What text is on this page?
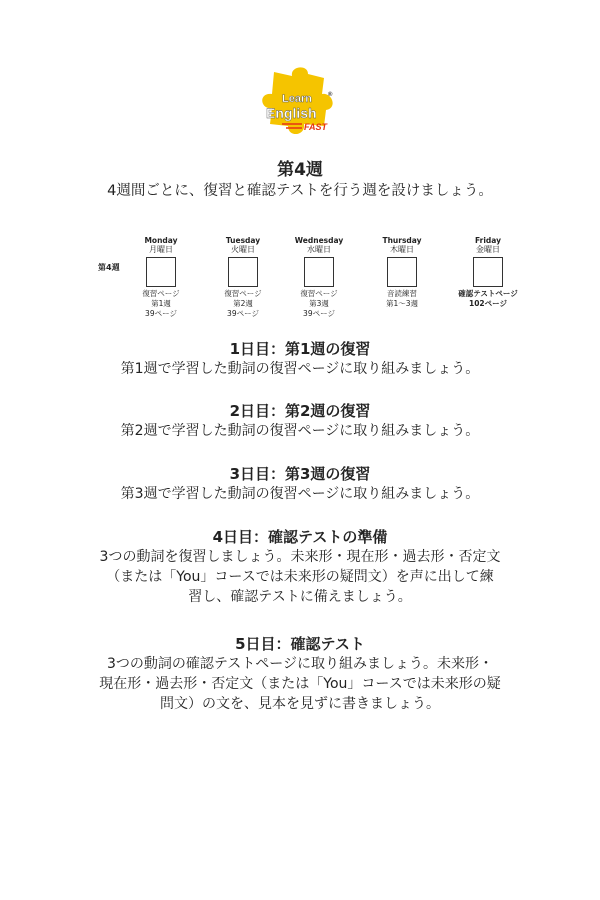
Learn
English
®
FAST
第4週
4週間ごとに、復習と確認テストを行う週を設けましょう。
第4週
Monday
月曜日
復習ページ
第1週
39ページ
Tuesday
火曜日
復習ページ
第2週
39ページ
Wednesday
水曜日
復習ページ
第3週
39ページ
Thursday
木曜日
音読練習
第1～3週
Friday
金曜日
確認テストページ
102ページ
1日目：第1週の復習
第1週で学習した動詞の復習ページに取り組みましょう。
2日目：第2週の復習
第2週で学習した動詞の復習ページに取り組みましょう。
3日目：第3週の復習
第3週で学習した動詞の復習ページに取り組みましょう。
4日目：確認テストの準備
3つの動詞を復習しましょう。未来形・現在形・過去形・否定文
（または「You」コースでは未来形の疑問文）を声に出して練
習し、確認テストに備えましょう。
5日目：確認テスト
3つの動詞の確認テストページに取り組みましょう。未来形・
現在形・過去形・否定文（または「You」コースでは未来形の疑
問文）の文を、見本を見ずに書きましょう。
